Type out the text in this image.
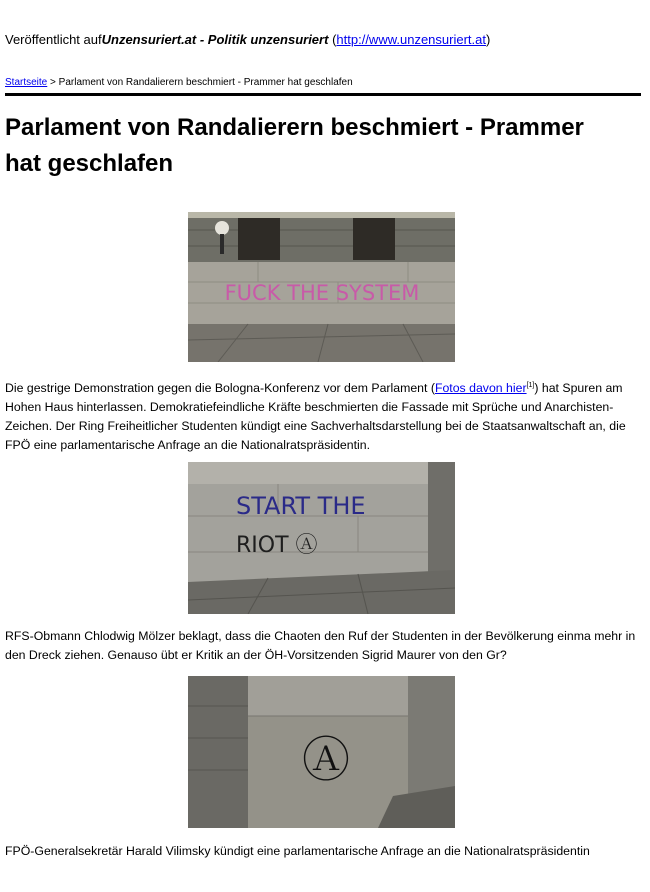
Veröffentlicht aufUnzensuriert.at - Politik unzensuriert (http://www.unzensuriert.at)
Startseite > Parlament von Randalierern beschmiert - Prammer hat geschlafen
Parlament von Randalierern beschmiert - Prammer hat geschlafen
FUCK THE SYSTEM

Die gestrige Demonstration gegen die Bologna-Konferenz vor dem Parlament (Fotos davon hier[1]) hat Spuren am Hohen Haus hinterlassen. Demokratiefeindliche Kräfte beschmierten die Fassade mit Sprüche und Anarchisten-Zeichen. Der Ring Freiheitlicher Studenten kündigt eine Sachverhaltsdarstellung bei de Staatsanwaltschaft an, die FPÖ eine parlamentarische Anfrage an die Nationalratspräsidentin.

START THE
RIOT Ⓐ

RFS-Obmann Chlodwig Mölzer beklagt, dass die Chaoten den Ruf der Studenten in der Bevölkerung einma mehr in den Dreck ziehen. Genauso übt er Kritik an der ÖH-Vorsitzenden Sigrid Maurer von den Gr?

Ⓐ

FPÖ-Generalsekretär Harald Vilimsky kündigt eine parlamentarische Anfrage an die Nationalratspräsidentin
